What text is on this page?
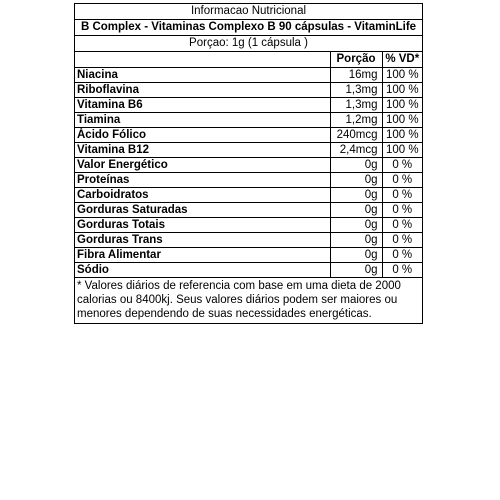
Informacao Nutricional
B Complex - Vitaminas Complexo B 90 cápsulas - VitaminLife
Porçao: 1g (1 cápsula )
	Porção	% VD*
Niacina	16mg	100 %
Riboflavina	1,3mg	100 %
Vitamina B6	1,3mg	100 %
Tiamina	1,2mg	100 %
Ácido Fólico	240mcg	100 %
Vitamina B12	2,4mcg	100 %
Valor Energético	0g	0 %
Proteínas	0g	0 %
Carboidratos	0g	0 %
Gorduras Saturadas	0g	0 %
Gorduras Totais	0g	0 %
Gorduras Trans	0g	0 %
Fibra Alimentar	0g	0 %
Sódio	0g	0 %
* Valores diários de referencia com base em uma dieta de 2000 calorias ou 8400kj. Seus valores diários podem ser maiores ou menores dependendo de suas necessidades energéticas.
